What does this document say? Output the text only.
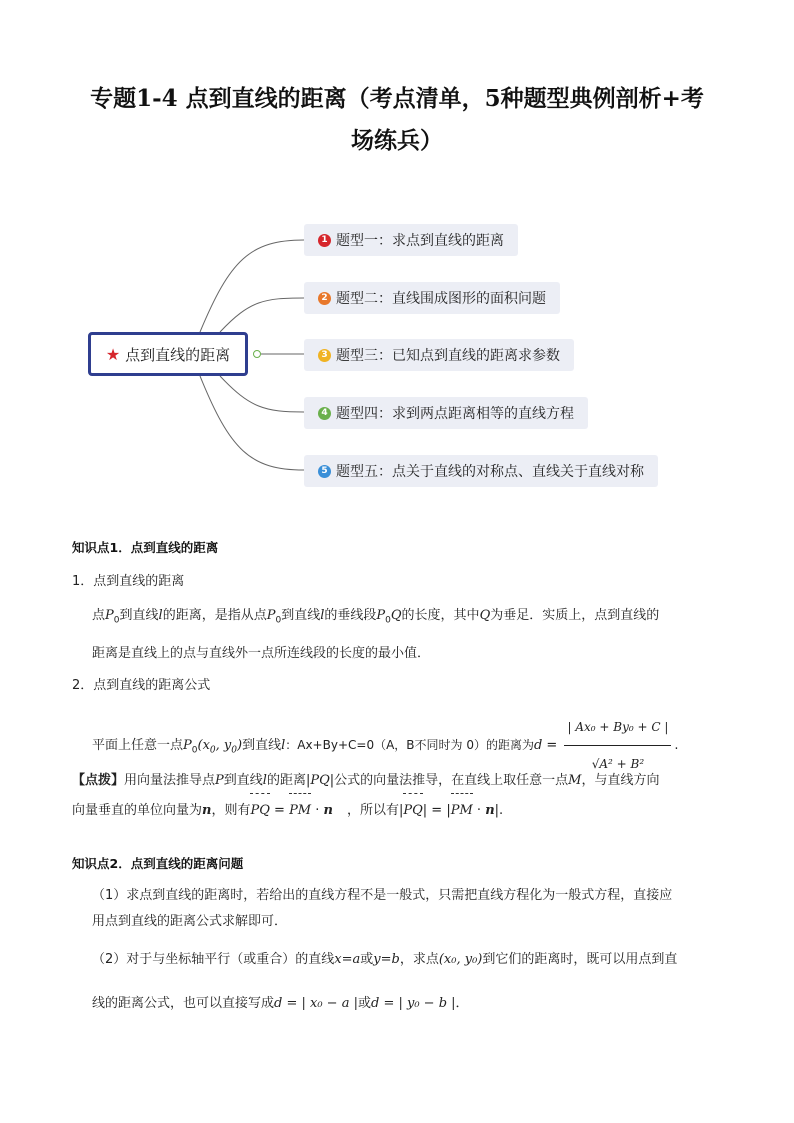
专题1-4 点到直线的距离（考点清单，5种题型典例剖析+考
场练兵）
★ 点到直线的距离
1 题型一：求点到直线的距离
2 题型二：直线围成图形的面积问题
3 题型三：已知点到直线的距离求参数
4 题型四：求到两点距离相等的直线方程
5 题型五：点关于直线的对称点、直线关于直线对称
知识点1．点到直线的距离
1．点到直线的距离
点$P_0$到直线l的距离，是指从点$P_0$到直线l的垂线段$P_0Q$的长度，其中Q为垂足．实质上，点到直线的
距离是直线上的点与直线外一点所连线段的长度的最小值．
2．点到直线的距离公式
平面上任意一点$P_0(x_0$, $y_0$)到直线l：Ax+By+C=0（A，B不同时为 0）的距离为$d = \frac{\text{| Ax₀ + By₀ + C |}}{\text{√A² + B²}}$ .
【点拨】用向量法推导点P到直线l的距离|PQ|公式的向量法推导，在直线上取任意一点M，与直线方向
向量垂直的单位向量为n，则有PQ = PM · n ，所以有|PQ| = |PM · n|.
知识点2．点到直线的距离问题
（1）求点到直线的距离时，若给出的直线方程不是一般式，只需把直线方程化为一般式方程，直接应
用点到直线的距离公式求解即可．
（2）对于与坐标轴平行（或重合）的直线x=a或y=b，求点(x₀, y₀)到它们的距离时，既可以用点到直
线的距离公式，也可以直接写成d = | x₀ − a |或d = | y₀ − b |．
